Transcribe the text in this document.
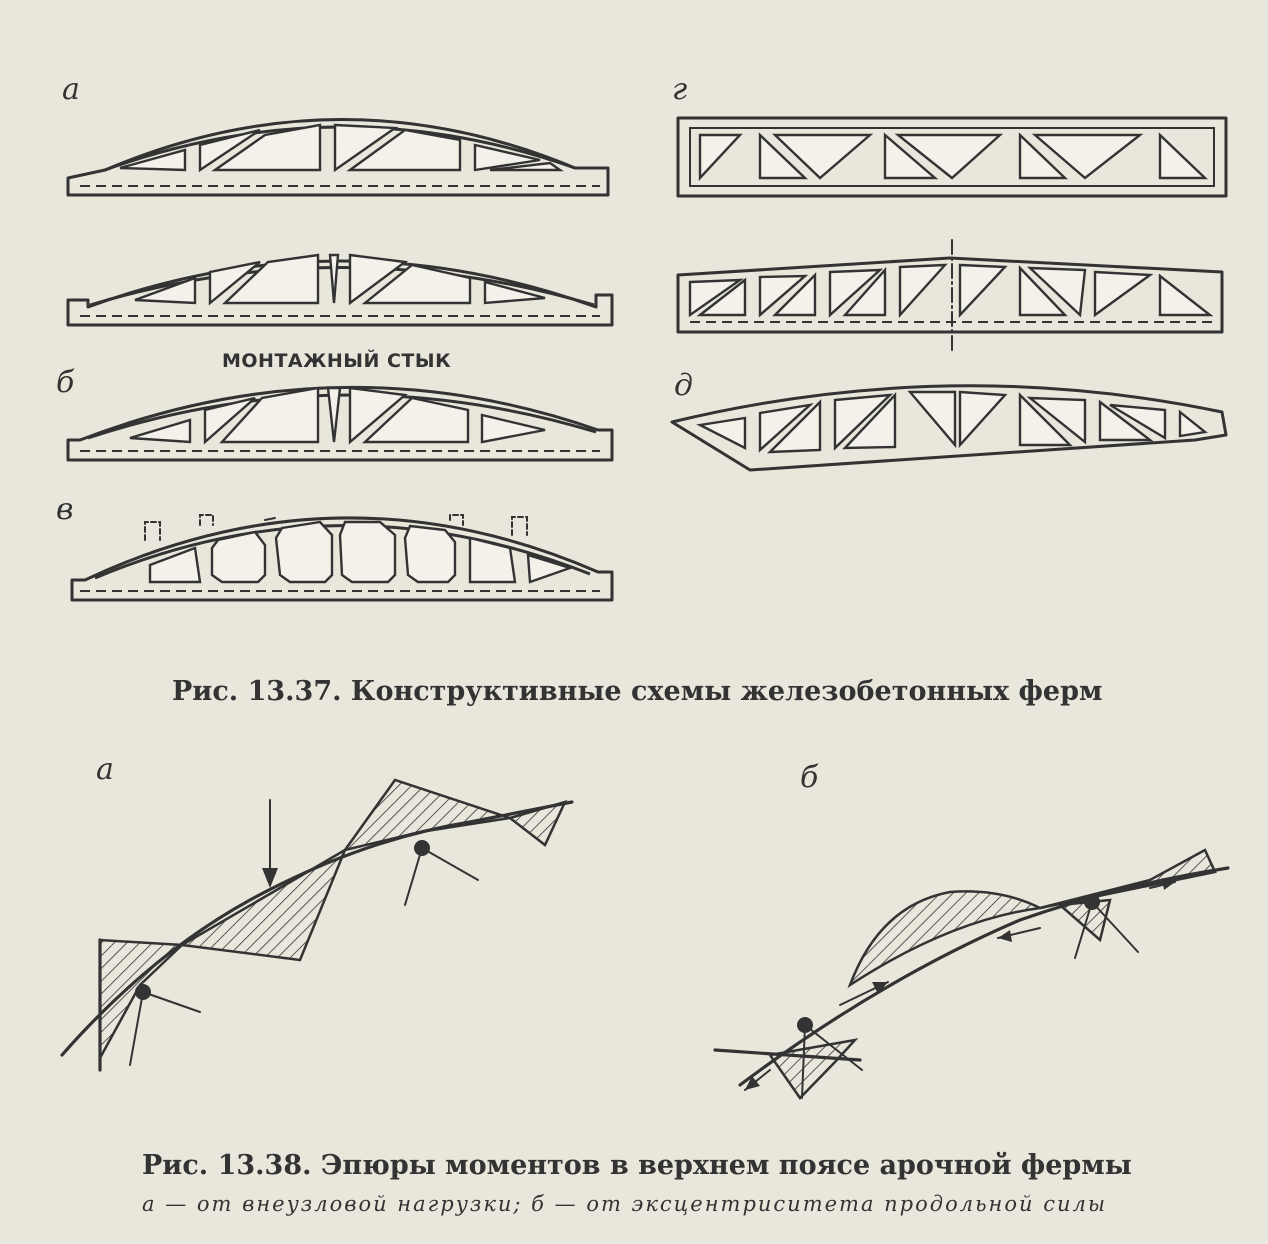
а	г
б	д
в
МОНТАЖНЫЙ СТЫК
Рис. 13.37. Конструктивные схемы железобетонных ферм
а	б
Рис. 13.38. Эпюры моментов в верхнем поясе арочной фермы
а — от внеузловой нагрузки; б — от эксцентриситета продольной силы
